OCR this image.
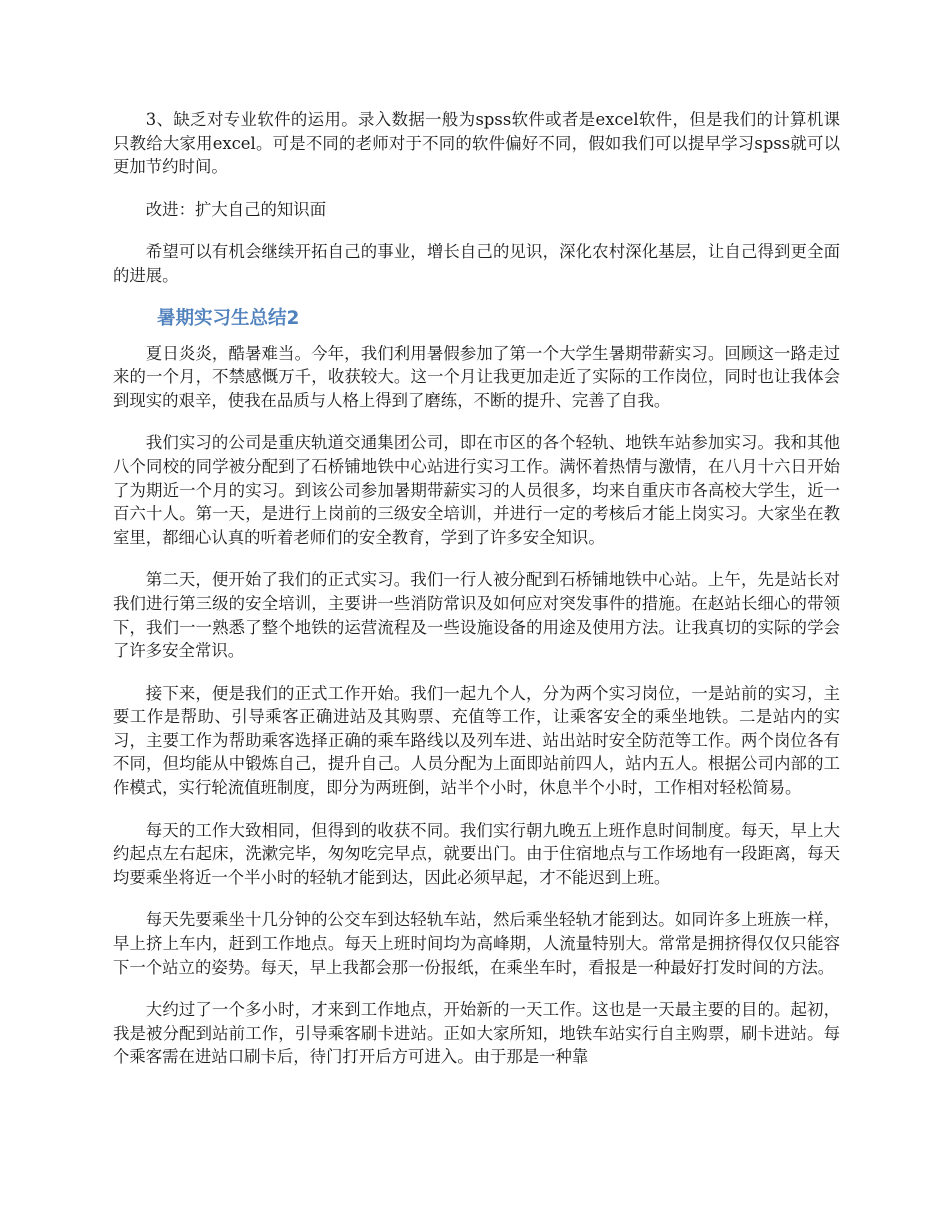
3、缺乏对专业软件的运用。录入数据一般为spss软件或者是excel软件，但是我们的计算机课只教给大家用excel。可是不同的老师对于不同的软件偏好不同，假如我们可以提早学习spss就可以更加节约时间。

改进：扩大自己的知识面

希望可以有机会继续开拓自己的事业，增长自己的见识，深化农村深化基层，让自己得到更全面的进展。

暑期实习生总结2

夏日炎炎，酷暑难当。今年，我们利用暑假参加了第一个大学生暑期带薪实习。回顾这一路走过来的一个月，不禁感慨万千，收获较大。这一个月让我更加走近了实际的工作岗位，同时也让我体会到现实的艰辛，使我在品质与人格上得到了磨练，不断的提升、完善了自我。

我们实习的公司是重庆轨道交通集团公司，即在市区的各个轻轨、地铁车站参加实习。我和其他八个同校的同学被分配到了石桥铺地铁中心站进行实习工作。满怀着热情与激情，在八月十六日开始了为期近一个月的实习。到该公司参加暑期带薪实习的人员很多，均来自重庆市各高校大学生，近一百六十人。第一天，是进行上岗前的三级安全培训，并进行一定的考核后才能上岗实习。大家坐在教室里，都细心认真的听着老师们的安全教育，学到了许多安全知识。

第二天，便开始了我们的正式实习。我们一行人被分配到石桥铺地铁中心站。上午，先是站长对我们进行第三级的安全培训，主要讲一些消防常识及如何应对突发事件的措施。在赵站长细心的带领下，我们一一熟悉了整个地铁的运营流程及一些设施设备的用途及使用方法。让我真切的实际的学会了许多安全常识。

接下来，便是我们的正式工作开始。我们一起九个人，分为两个实习岗位，一是站前的实习，主要工作是帮助、引导乘客正确进站及其购票、充值等工作，让乘客安全的乘坐地铁。二是站内的实习，主要工作为帮助乘客选择正确的乘车路线以及列车进、站出站时安全防范等工作。两个岗位各有不同，但均能从中锻炼自己，提升自己。人员分配为上面即站前四人，站内五人。根据公司内部的工作模式，实行轮流值班制度，即分为两班倒，站半个小时，休息半个小时，工作相对轻松简易。

每天的工作大致相同，但得到的收获不同。我们实行朝九晚五上班作息时间制度。每天，早上大约起点左右起床，洗漱完毕，匆匆吃完早点，就要出门。由于住宿地点与工作场地有一段距离，每天均要乘坐将近一个半小时的轻轨才能到达，因此必须早起，才不能迟到上班。

每天先要乘坐十几分钟的公交车到达轻轨车站，然后乘坐轻轨才能到达。如同许多上班族一样，早上挤上车内，赶到工作地点。每天上班时间均为高峰期，人流量特别大。常常是拥挤得仅仅只能容下一个站立的姿势。每天，早上我都会那一份报纸，在乘坐车时，看报是一种最好打发时间的方法。

大约过了一个多小时，才来到工作地点，开始新的一天工作。这也是一天最主要的目的。起初，我是被分配到站前工作，引导乘客刷卡进站。正如大家所知，地铁车站实行自主购票，刷卡进站。每个乘客需在进站口刷卡后，待门打开后方可进入。由于那是一种靠
